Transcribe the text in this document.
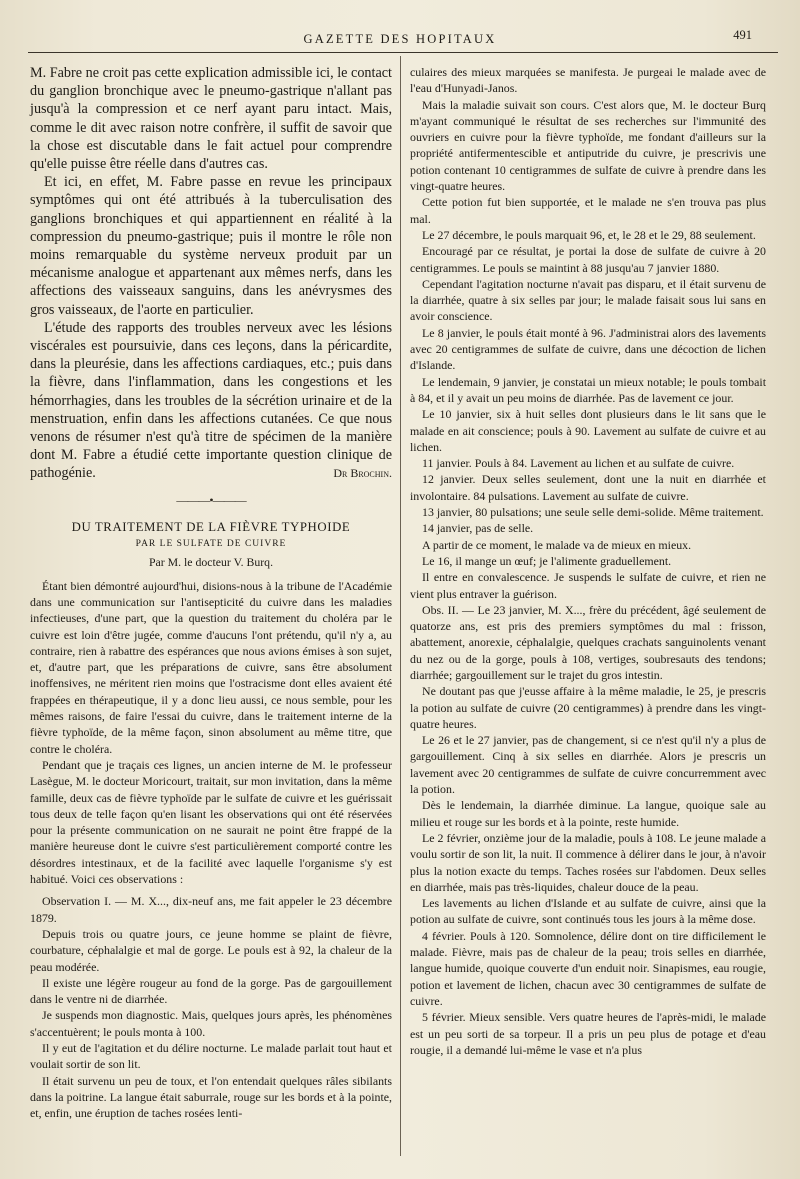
GAZETTE DES HOPITAUX	491

M. Fabre ne croit pas cette explication admissible ici, le contact du ganglion bronchique avec le pneumo-gastrique n'allant pas jusqu'à la compression et ce nerf ayant paru intact. Mais, comme le dit avec raison notre confrère, il suffit de savoir que la chose est discutable dans le fait actuel pour comprendre qu'elle puisse être réelle dans d'autres cas.

Et ici, en effet, M. Fabre passe en revue les principaux symptômes qui ont été attribués à la tuberculisation des ganglions bronchiques et qui appartiennent en réalité à la compression du pneumo-gastrique; puis il montre le rôle non moins remarquable du système nerveux produit par un mécanisme analogue et appartenant aux mêmes nerfs, dans les affections des vaisseaux sanguins, dans les anévrysmes des gros vaisseaux, de l'aorte en particulier.

L'étude des rapports des troubles nerveux avec les lésions viscérales est poursuivie, dans ces leçons, dans la péricardite, dans la pleurésie, dans les affections cardiaques, etc.; puis dans la fièvre, dans l'inflammation, dans les congestions et les hémorrhagies, dans les troubles de la sécrétion urinaire et de la menstruation, enfin dans les affections cutanées. Ce que nous venons de résumer n'est qu'à titre de spécimen de la manière dont M. Fabre a étudié cette importante question clinique de pathogénie.	Dr Brochin.

———•———
DU TRAITEMENT DE LA FIÈVRE TYPHOIDE
PAR LE SULFATE DE CUIVRE
Par M. le docteur V. Burq.

Étant bien démontré aujourd'hui, disions-nous à la tribune de l'Académie dans une communication sur l'antisepticité du cuivre dans les maladies infectieuses, d'une part, que la question du traitement du choléra par le cuivre est loin d'être jugée, comme d'aucuns l'ont prétendu, qu'il n'y a, au contraire, rien à rabattre des espérances que nous avions émises à son sujet, et, d'autre part, que les préparations de cuivre, sans être absolument inoffensives, ne méritent rien moins que l'ostracisme dont elles avaient été frappées en thérapeutique, il y a donc lieu aussi, ce nous semble, pour les mêmes raisons, de faire l'essai du cuivre, dans le traitement interne de la fièvre typhoïde, de la même façon, sinon absolument au même titre, que contre le choléra.

Pendant que je traçais ces lignes, un ancien interne de M. le professeur Lasègue, M. le docteur Moricourt, traitait, sur mon invitation, dans la même famille, deux cas de fièvre typhoïde par le sulfate de cuivre et les guérissait tous deux de telle façon qu'en lisant les observations qui ont été réservées pour la présente communication on ne saurait ne point être frappé de la manière heureuse dont le cuivre s'est particulièrement comporté contre les désordres intestinaux, et de la facilité avec laquelle l'organisme s'y est habitué. Voici ces observations :

Observation I. — M. X..., dix-neuf ans, me fait appeler le 23 décembre 1879.

Depuis trois ou quatre jours, ce jeune homme se plaint de fièvre, courbature, céphalalgie et mal de gorge. Le pouls est à 92, la chaleur de la peau modérée.

Il existe une légère rougeur au fond de la gorge. Pas de gargouillement dans le ventre ni de diarrhée.

Je suspends mon diagnostic. Mais, quelques jours après, les phénomènes s'accentuèrent; le pouls monta à 100.

Il y eut de l'agitation et du délire nocturne. Le malade parlait tout haut et voulait sortir de son lit.

Il était survenu un peu de toux, et l'on entendait quelques râles sibilants dans la poitrine. La langue était saburrale, rouge sur les bords et à la pointe, et, enfin, une éruption de taches rosées lenti-

culaires des mieux marquées se manifesta. Je purgeai le malade avec de l'eau d'Hunyadi-Janos.

Mais la maladie suivait son cours. C'est alors que, M. le docteur Burq m'ayant communiqué le résultat de ses recherches sur l'immunité des ouvriers en cuivre pour la fièvre typhoïde, me fondant d'ailleurs sur la propriété antifermentescible et antiputride du cuivre, je prescrivis une potion contenant 10 centigrammes de sulfate de cuivre à prendre dans les vingt-quatre heures.

Cette potion fut bien supportée, et le malade ne s'en trouva pas plus mal.

Le 27 décembre, le pouls marquait 96, et, le 28 et le 29, 88 seulement.

Encouragé par ce résultat, je portai la dose de sulfate de cuivre à 20 centigrammes. Le pouls se maintint à 88 jusqu'au 7 janvier 1880.

Cependant l'agitation nocturne n'avait pas disparu, et il était survenu de la diarrhée, quatre à six selles par jour; le malade faisait sous lui sans en avoir conscience.

Le 8 janvier, le pouls était monté à 96. J'administrai alors des lavements avec 20 centigrammes de sulfate de cuivre, dans une décoction de lichen d'Islande.

Le lendemain, 9 janvier, je constatai un mieux notable; le pouls tombait à 84, et il y avait un peu moins de diarrhée. Pas de lavement ce jour.

Le 10 janvier, six à huit selles dont plusieurs dans le lit sans que le malade en ait conscience; pouls à 90. Lavement au sulfate de cuivre et au lichen.

11 janvier. Pouls à 84. Lavement au lichen et au sulfate de cuivre.

12 janvier. Deux selles seulement, dont une la nuit en diarrhée et involontaire. 84 pulsations. Lavement au sulfate de cuivre.

13 janvier, 80 pulsations; une seule selle demi-solide. Même traitement.

14 janvier, pas de selle.

A partir de ce moment, le malade va de mieux en mieux.

Le 16, il mange un œuf; je l'alimente graduellement.

Il entre en convalescence. Je suspends le sulfate de cuivre, et rien ne vient plus entraver la guérison.

Obs. II. — Le 23 janvier, M. X..., frère du précédent, âgé seulement de quatorze ans, est pris des premiers symptômes du mal : frisson, abattement, anorexie, céphalalgie, quelques crachats sanguinolents venant du nez ou de la gorge, pouls à 108, vertiges, soubresauts des tendons; diarrhée; gargouillement sur le trajet du gros intestin.

Ne doutant pas que j'eusse affaire à la même maladie, le 25, je prescris la potion au sulfate de cuivre (20 centigrammes) à prendre dans les vingt-quatre heures.

Le 26 et le 27 janvier, pas de changement, si ce n'est qu'il n'y a plus de gargouillement. Cinq à six selles en diarrhée. Alors je prescris un lavement avec 20 centigrammes de sulfate de cuivre concurremment avec la potion.

Dès le lendemain, la diarrhée diminue. La langue, quoique sale au milieu et rouge sur les bords et à la pointe, reste humide.

Le 2 février, onzième jour de la maladie, pouls à 108. Le jeune malade a voulu sortir de son lit, la nuit. Il commence à délirer dans le jour, à n'avoir plus la notion exacte du temps. Taches rosées sur l'abdomen. Deux selles en diarrhée, mais pas très-liquides, chaleur douce de la peau.

Les lavements au lichen d'Islande et au sulfate de cuivre, ainsi que la potion au sulfate de cuivre, sont continués tous les jours à la même dose.

4 février. Pouls à 120. Somnolence, délire dont on tire difficilement le malade. Fièvre, mais pas de chaleur de la peau; trois selles en diarrhée, langue humide, quoique couverte d'un enduit noir. Sinapismes, eau rougie, potion et lavement de lichen, chacun avec 30 centigrammes de sulfate de cuivre.

5 février. Mieux sensible. Vers quatre heures de l'après-midi, le malade est un peu sorti de sa torpeur. Il a pris un peu plus de potage et d'eau rougie, il a demandé lui-même le vase et n'a plus
